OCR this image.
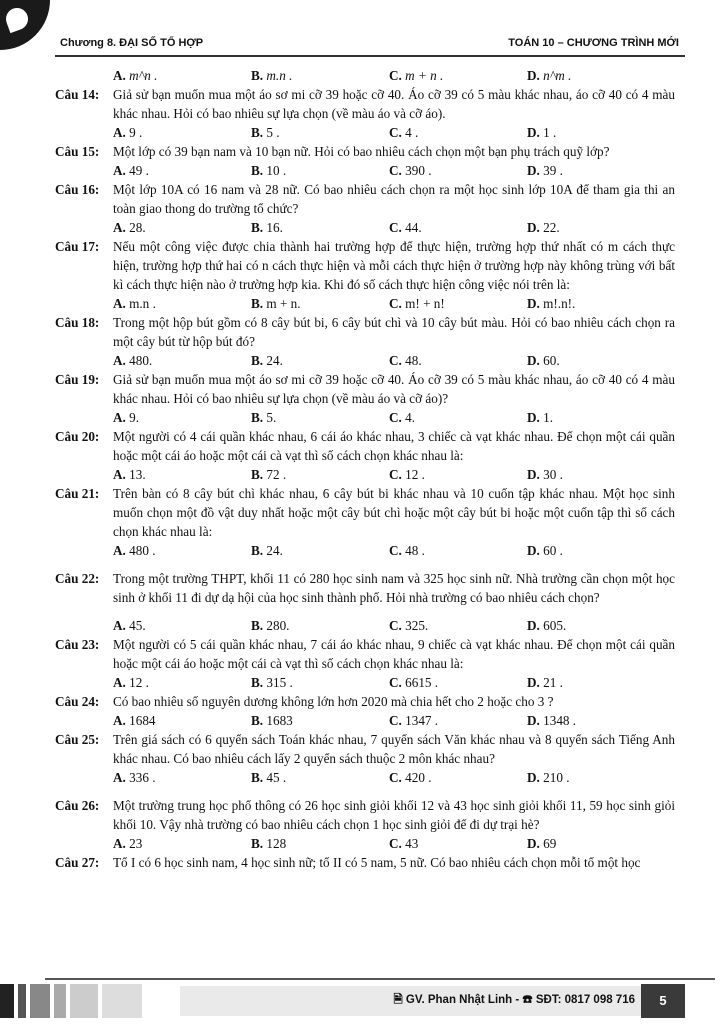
Chương 8. ĐẠI SỐ TỔ HỢP	TOÁN 10 – CHƯƠNG TRÌNH MỚI
A. m^n .	B. m.n .	C. m + n .	D. n^m .
Câu 14:	Giả sử bạn muốn mua một áo sơ mi cỡ 39 hoặc cỡ 40. Áo cỡ 39 có 5 màu khác nhau, áo cỡ 40 có 4 màu khác nhau. Hỏi có bao nhiêu sự lựa chọn (về màu áo và cỡ áo).
A. 9 .	B. 5 .	C. 4 .	D. 1 .
Câu 15:	Một lớp có 39 bạn nam và 10 bạn nữ. Hỏi có bao nhiêu cách chọn một bạn phụ trách quỹ lớp?
A. 49 .	B. 10 .	C. 390 .	D. 39 .
Câu 16:	Một lớp 10A có 16 nam và 28 nữ. Có bao nhiêu cách chọn ra một học sinh lớp 10A để tham gia thi an toàn giao thong do trường tổ chức?
A. 28.	B. 16.	C. 44.	D. 22.
Câu 17:	Nếu một công việc được chia thành hai trường hợp để thực hiện, trường hợp thứ nhất có m cách thực hiện, trường hợp thứ hai có n cách thực hiện và mỗi cách thực hiện ở trường hợp này không trùng với bất kì cách thực hiện nào ở trường hợp kia. Khi đó số cách thực hiện công việc nói trên là:
A. m.n .	B. m + n.	C. m! + n!	D. m!.n!.
Câu 18:	Trong một hộp bút gồm có 8 cây bút bi, 6 cây bút chì và 10 cây bút màu. Hỏi có bao nhiêu cách chọn ra một cây bút từ hộp bút đó?
A. 480.	B. 24.	C. 48.	D. 60.
Câu 19:	Giả sử bạn muốn mua một áo sơ mi cỡ 39 hoặc cỡ 40. Áo cỡ 39 có 5 màu khác nhau, áo cỡ 40 có 4 màu khác nhau. Hỏi có bao nhiêu sự lựa chọn (về màu áo và cỡ áo)?
A. 9.	B. 5.	C. 4.	D. 1.
Câu 20:	Một người có 4 cái quần khác nhau, 6 cái áo khác nhau, 3 chiếc cà vạt khác nhau. Để chọn một cái quần hoặc một cái áo hoặc một cái cà vạt thì số cách chọn khác nhau là:
A. 13.	B. 72 .	C. 12 .	D. 30 .
Câu 21:	Trên bàn có 8 cây bút chì khác nhau, 6 cây bút bi khác nhau và 10 cuốn tập khác nhau. Một học sinh muốn chọn một đồ vật duy nhất hoặc một cây bút chì hoặc một cây bút bi hoặc một cuốn tập thì số cách chọn khác nhau là:
A. 480 .	B. 24.	C. 48 .	D. 60 .
Câu 22:	Trong một trường THPT, khối 11 có 280 học sinh nam và 325 học sinh nữ. Nhà trường cần chọn một học sinh ở khối 11 đi dự dạ hội của học sinh thành phố. Hỏi nhà trường có bao nhiêu cách chọn?
A. 45.	B. 280.	C. 325.	D. 605.
Câu 23:	Một người có 5 cái quần khác nhau, 7 cái áo khác nhau, 9 chiếc cà vạt khác nhau. Để chọn một cái quần hoặc một cái áo hoặc một cái cà vạt thì số cách chọn khác nhau là:
A. 12 .	B. 315 .	C. 6615 .	D. 21 .
Câu 24:	Có bao nhiêu số nguyên dương không lớn hơn 2020 mà chia hết cho 2 hoặc cho 3 ?
A. 1684	B. 1683	C. 1347 .	D. 1348 .
Câu 25:	Trên giá sách có 6 quyển sách Toán khác nhau, 7 quyển sách Văn khác nhau và 8 quyển sách Tiếng Anh khác nhau. Có bao nhiêu cách lấy 2 quyển sách thuộc 2 môn khác nhau?
A. 336 .	B. 45 .	C. 420 .	D. 210 .
Câu 26:	Một trường trung học phổ thông có 26 học sinh giỏi khối 12 và 43 học sinh giỏi khối 11, 59 học sinh giỏi khối 10. Vậy nhà trường có bao nhiêu cách chọn 1 học sinh giỏi để đi dự trại hè?
A. 23	B. 128	C. 43	D. 69
Câu 27:	Tổ I có 6 học sinh nam, 4 học sinh nữ; tổ II có 5 nam, 5 nữ. Có bao nhiêu cách chọn mỗi tổ một học
🗎 GV. Phan Nhật Linh - ☎ SĐT: 0817 098 716	5
